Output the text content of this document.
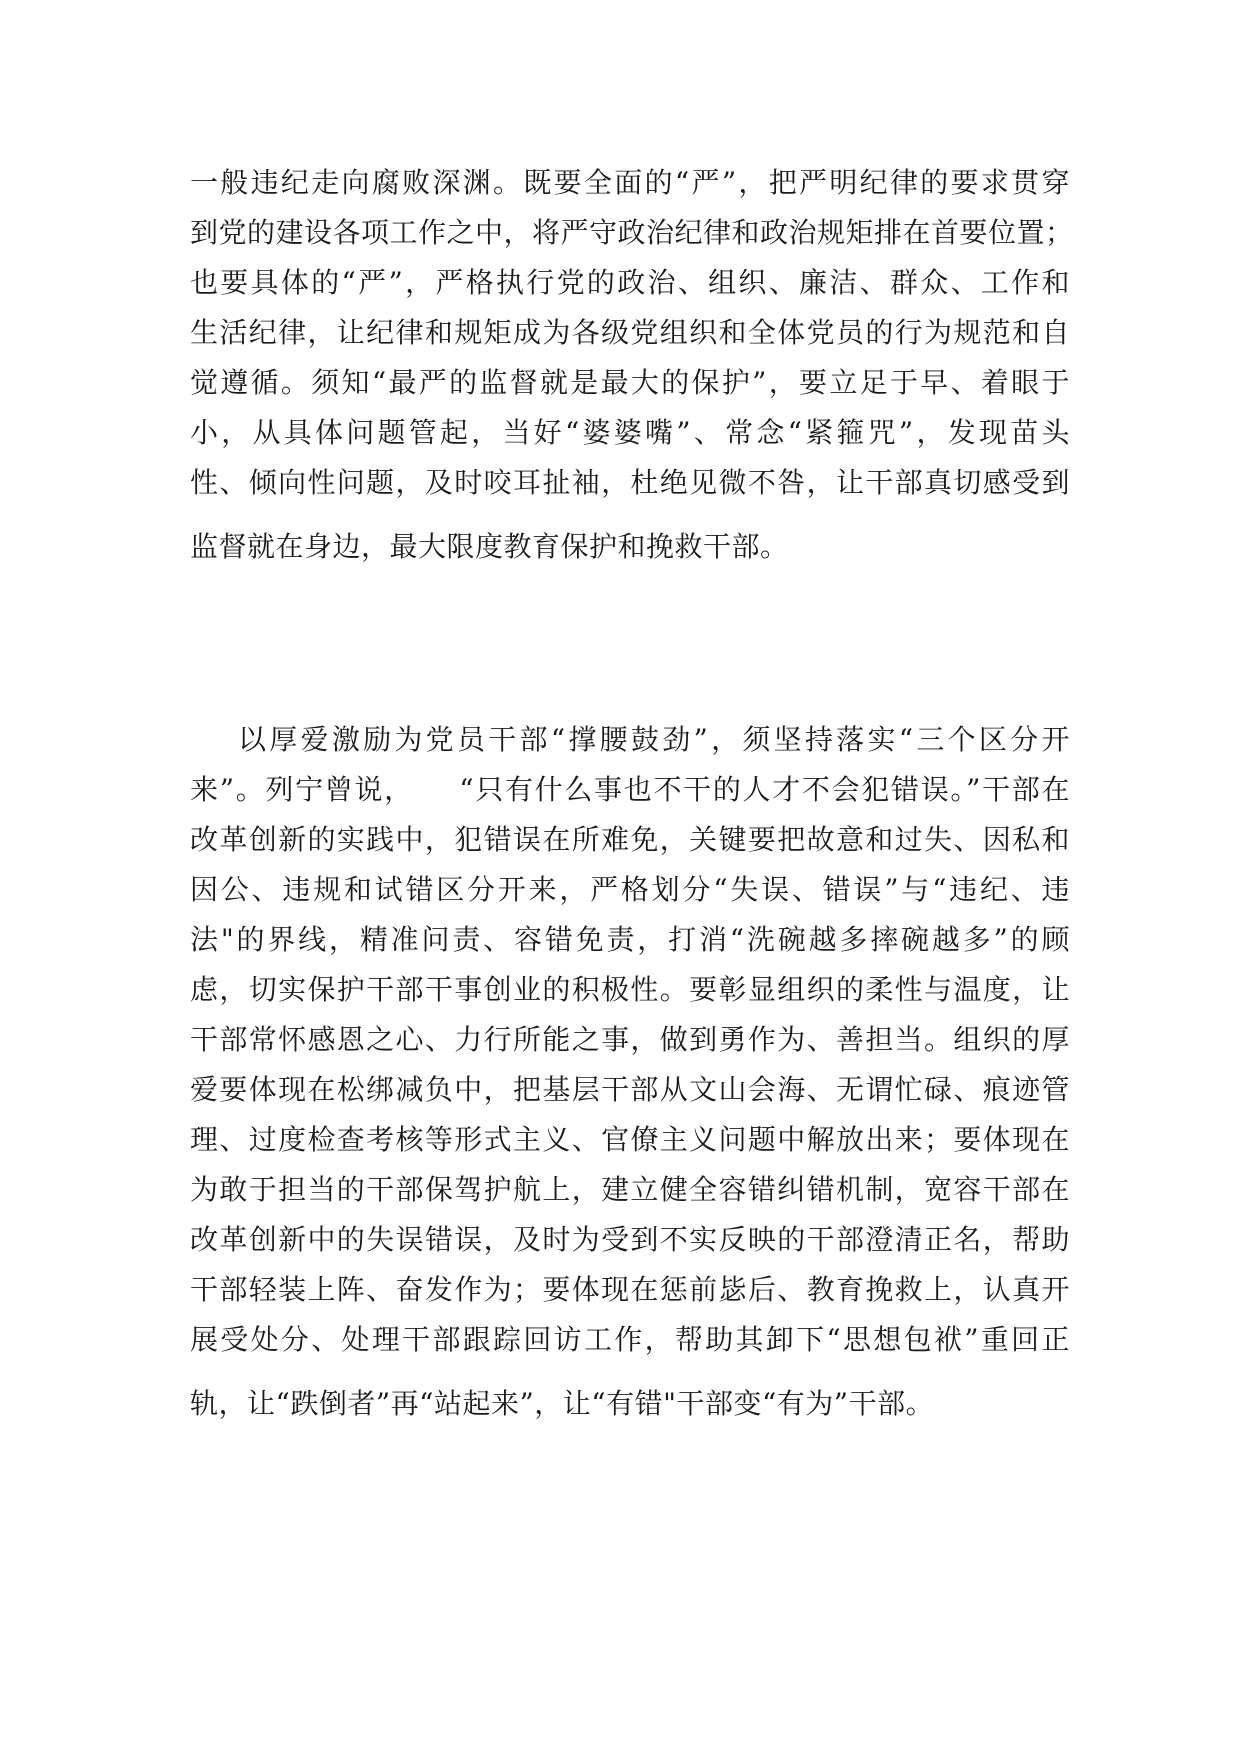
一般违纪走向腐败深渊。既要全面的“严”，把严明纪律的要求贯穿
到党的建设各项工作之中，将严守政治纪律和政治规矩排在首要位置；
也要具体的“严”，严格执行党的政治、组织、廉洁、群众、工作和
生活纪律，让纪律和规矩成为各级党组织和全体党员的行为规范和自
觉遵循。须知“最严的监督就是最大的保护”，要立足于早、着眼于
小，从具体问题管起，当好“婆婆嘴”、常念“紧箍咒”，发现苗头
性、倾向性问题，及时咬耳扯袖，杜绝见微不咎，让干部真切感受到
监督就在身边，最大限度教育保护和挽救干部。
以厚爱激励为党员干部“撑腰鼓劲”，须坚持落实“三个区分开
来”。列宁曾说，　　“只有什么事也不干的人才不会犯错误。”干部在
改革创新的实践中，犯错误在所难免，关键要把故意和过失、因私和
因公、违规和试错区分开来，严格划分“失误、错误”与“违纪、违
法"的界线，精准问责、容错免责，打消“洗碗越多摔碗越多”的顾
虑，切实保护干部干事创业的积极性。要彰显组织的柔性与温度，让
干部常怀感恩之心、力行所能之事，做到勇作为、善担当。组织的厚
爱要体现在松绑减负中，把基层干部从文山会海、无谓忙碌、痕迹管
理、过度检查考核等形式主义、官僚主义问题中解放出来；要体现在
为敢于担当的干部保驾护航上，建立健全容错纠错机制，宽容干部在
改革创新中的失误错误，及时为受到不实反映的干部澄清正名，帮助
干部轻装上阵、奋发作为；要体现在惩前毖后、教育挽救上，认真开
展受处分、处理干部跟踪回访工作，帮助其卸下“思想包袱”重回正
轨，让“跌倒者”再“站起来”，让“有错"干部变“有为”干部。
